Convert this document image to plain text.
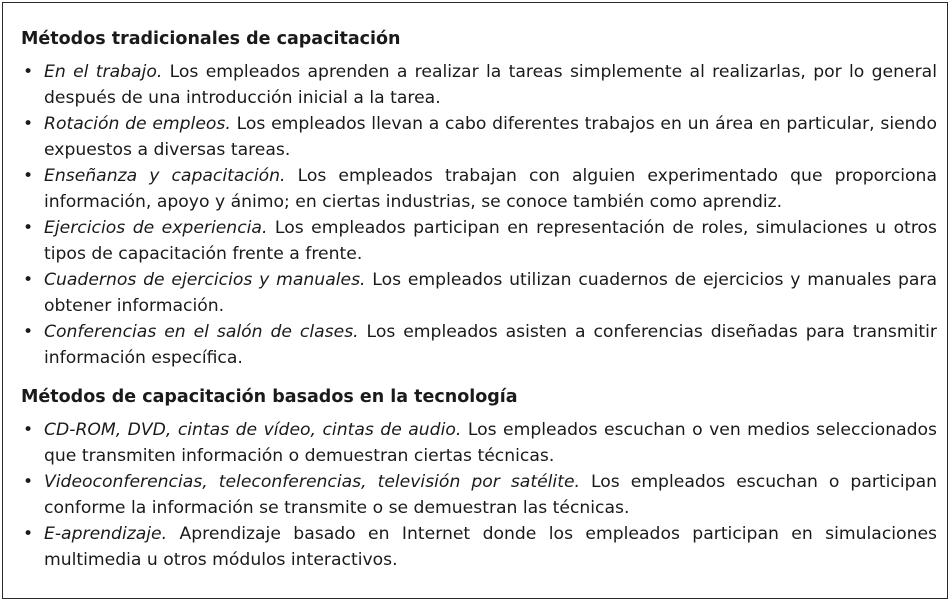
Métodos tradicionales de capacitación
• En el trabajo. Los empleados aprenden a realizar la tareas simplemente al realizarlas, por lo general después de una introducción inicial a la tarea.
• Rotación de empleos. Los empleados llevan a cabo diferentes trabajos en un área en particular, siendo expuestos a diversas tareas.
• Enseñanza y capacitación. Los empleados trabajan con alguien experimentado que proporciona información, apoyo y ánimo; en ciertas industrias, se conoce también como aprendiz.
• Ejercicios de experiencia. Los empleados participan en representación de roles, simulaciones u otros tipos de capacitación frente a frente.
• Cuadernos de ejercicios y manuales. Los empleados utilizan cuadernos de ejercicios y manuales para obtener información.
• Conferencias en el salón de clases. Los empleados asisten a conferencias diseñadas para transmitir información específica.
Métodos de capacitación basados en la tecnología
• CD-ROM, DVD, cintas de vídeo, cintas de audio. Los empleados escuchan o ven medios seleccionados que transmiten información o demuestran ciertas técnicas.
• Videoconferencias, teleconferencias, televisión por satélite. Los empleados escuchan o participan conforme la información se transmite o se demuestran las técnicas.
• E-aprendizaje. Aprendizaje basado en Internet donde los empleados participan en simulaciones multimedia u otros módulos interactivos.
